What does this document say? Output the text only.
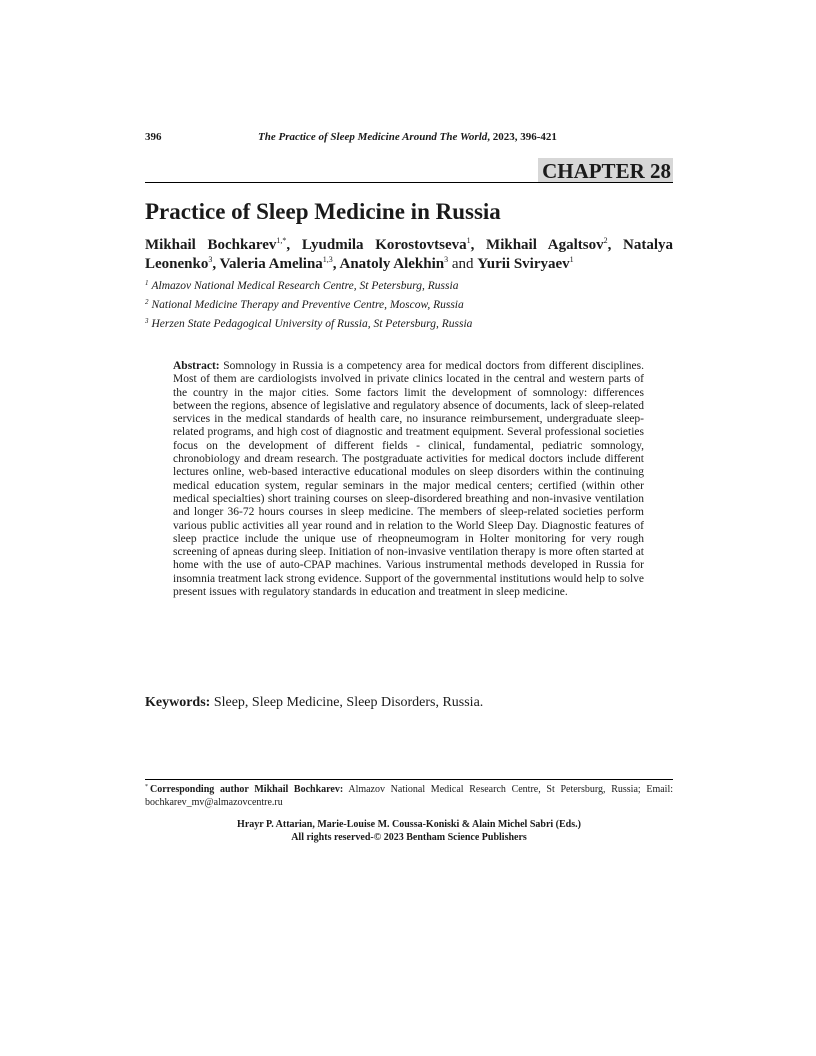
396	The Practice of Sleep Medicine Around The World, 2023, 396-421
CHAPTER 28
Practice of Sleep Medicine in Russia
Mikhail Bochkarev$^{1,*}$, Lyudmila Korostovtseva$^1$, Mikhail Agaltsov$^2$, Natalya Leonenko$^3$, Valeria Amelina$^{1,3}$, Anatoly Alekhin$^3$ and Yurii Sviryaev$^1$
$^1$ Almazov National Medical Research Centre, St Petersburg, Russia
$^2$ National Medicine Therapy and Preventive Centre, Moscow, Russia
$^3$ Herzen State Pedagogical University of Russia, St Petersburg, Russia

Abstract: Somnology in Russia is a competency area for medical doctors from different disciplines. Most of them are cardiologists involved in private clinics located in the central and western parts of the country in the major cities. Some factors limit the development of somnology: differences between the regions, absence of legislative and regulatory absence of documents, lack of sleep-related services in the medical standards of health care, no insurance reimbursement, undergraduate sleep-related programs, and high cost of diagnostic and treatment equipment. Several professional societies focus on the development of different fields - clinical, fundamental, pediatric somnology, chronobiology and dream research. The postgraduate activities for medical doctors include different lectures online, web-based interactive educational modules on sleep disorders within the continuing medical education system, regular seminars in the major medical centers; certified (within other medical specialties) short training courses on sleep-disordered breathing and non-invasive ventilation and longer 36-72 hours courses in sleep medicine. The members of sleep-related societies perform various public activities all year round and in relation to the World Sleep Day. Diagnostic features of sleep practice include the unique use of rheopneumogram in Holter monitoring for very rough screening of apneas during sleep. Initiation of non-invasive ventilation therapy is more often started at home with the use of auto-CPAP machines. Various instrumental methods developed in Russia for insomnia treatment lack strong evidence. Support of the governmental institutions would help to solve present issues with regulatory standards in education and treatment in sleep medicine.

Keywords: Sleep, Sleep Medicine, Sleep Disorders, Russia.
* Corresponding author Mikhail Bochkarev: Almazov National Medical Research Centre, St Petersburg, Russia; Email: bochkarev_mv@almazovcentre.ru
Hrayr P. Attarian, Marie-Louise M. Coussa-Koniski & Alain Michel Sabri (Eds.)
All rights reserved-© 2023 Bentham Science Publishers
